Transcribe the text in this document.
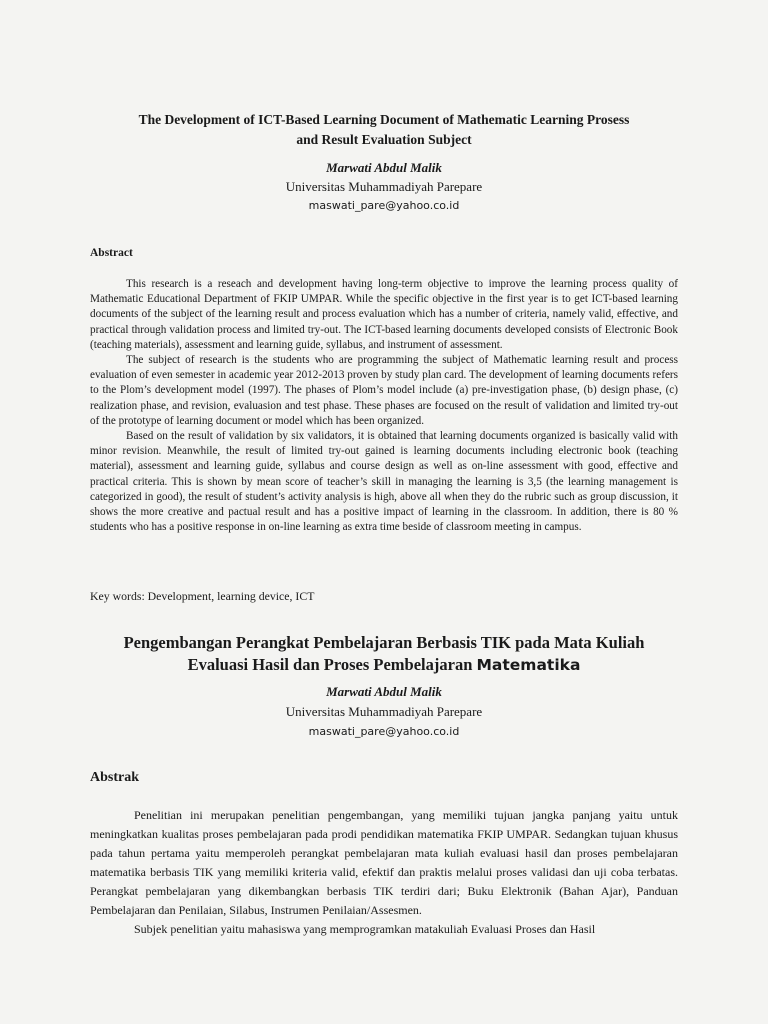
The Development of ICT-Based Learning Document of Mathematic Learning Prosess
and Result Evaluation Subject
Marwati Abdul Malik
Universitas Muhammadiyah Parepare
maswati_pare@yahoo.co.id
Abstract

This research is a reseach and development having long-term objective to improve the learning process quality of Mathematic Educational Department of FKIP UMPAR. While the specific objective in the first year is to get ICT-based learning documents of the subject of the learning result and process evaluation which has a number of criteria, namely valid, effective, and practical through validation process and limited try-out. The ICT-based learning documents developed consists of Electronic Book (teaching materials), assessment and learning guide, syllabus, and instrument of assessment.

The subject of research is the students who are programming the subject of Mathematic learning result and process evaluation of even semester in academic year 2012-2013 proven by study plan card. The development of learning documents refers to the Plom’s development model (1997). The phases of Plom’s model include (a) pre-investigation phase, (b) design phase, (c) realization phase, and revision, evaluasion and test phase. These phases are focused on the result of validation and limited try-out of the prototype of learning document or model which has been organized.

Based on the result of validation by six validators, it is obtained that learning documents organized is basically valid with minor revision. Meanwhile, the result of limited try-out gained is learning documents including electronic book (teaching material), assessment and learning guide, syllabus and course design as well as on-line assessment with good, effective and practical criteria. This is shown by mean score of teacher’s skill in managing the learning is 3,5 (the learning management is categorized in good), the result of student’s activity analysis is high, above all when they do the rubric such as group discussion, it shows the more creative and pactual result and has a positive impact of learning in the classroom. In addition, there is 80 % students who has a positive response in on-line learning as extra time beside of classroom meeting in campus.

Key words: Development, learning device, ICT
Pengembangan Perangkat Pembelajaran Berbasis TIK pada Mata Kuliah
Evaluasi Hasil dan Proses Pembelajaran Matematika
Marwati Abdul Malik
Universitas Muhammadiyah Parepare
maswati_pare@yahoo.co.id
Abstrak

Penelitian ini merupakan penelitian pengembangan, yang memiliki tujuan jangka panjang yaitu untuk meningkatkan kualitas proses pembelajaran pada prodi pendidikan matematika FKIP UMPAR. Sedangkan tujuan khusus pada tahun pertama yaitu memperoleh perangkat pembelajaran mata kuliah evaluasi hasil dan proses pembelajaran matematika berbasis TIK yang memiliki kriteria valid, efektif dan praktis melalui proses validasi dan uji coba terbatas. Perangkat pembelajaran yang dikembangkan berbasis TIK terdiri dari; Buku Elektronik (Bahan Ajar), Panduan Pembelajaran dan Penilaian, Silabus, Instrumen Penilaian/Assesmen.

Subjek penelitian yaitu mahasiswa yang memprogramkan matakuliah Evaluasi Proses dan Hasil
